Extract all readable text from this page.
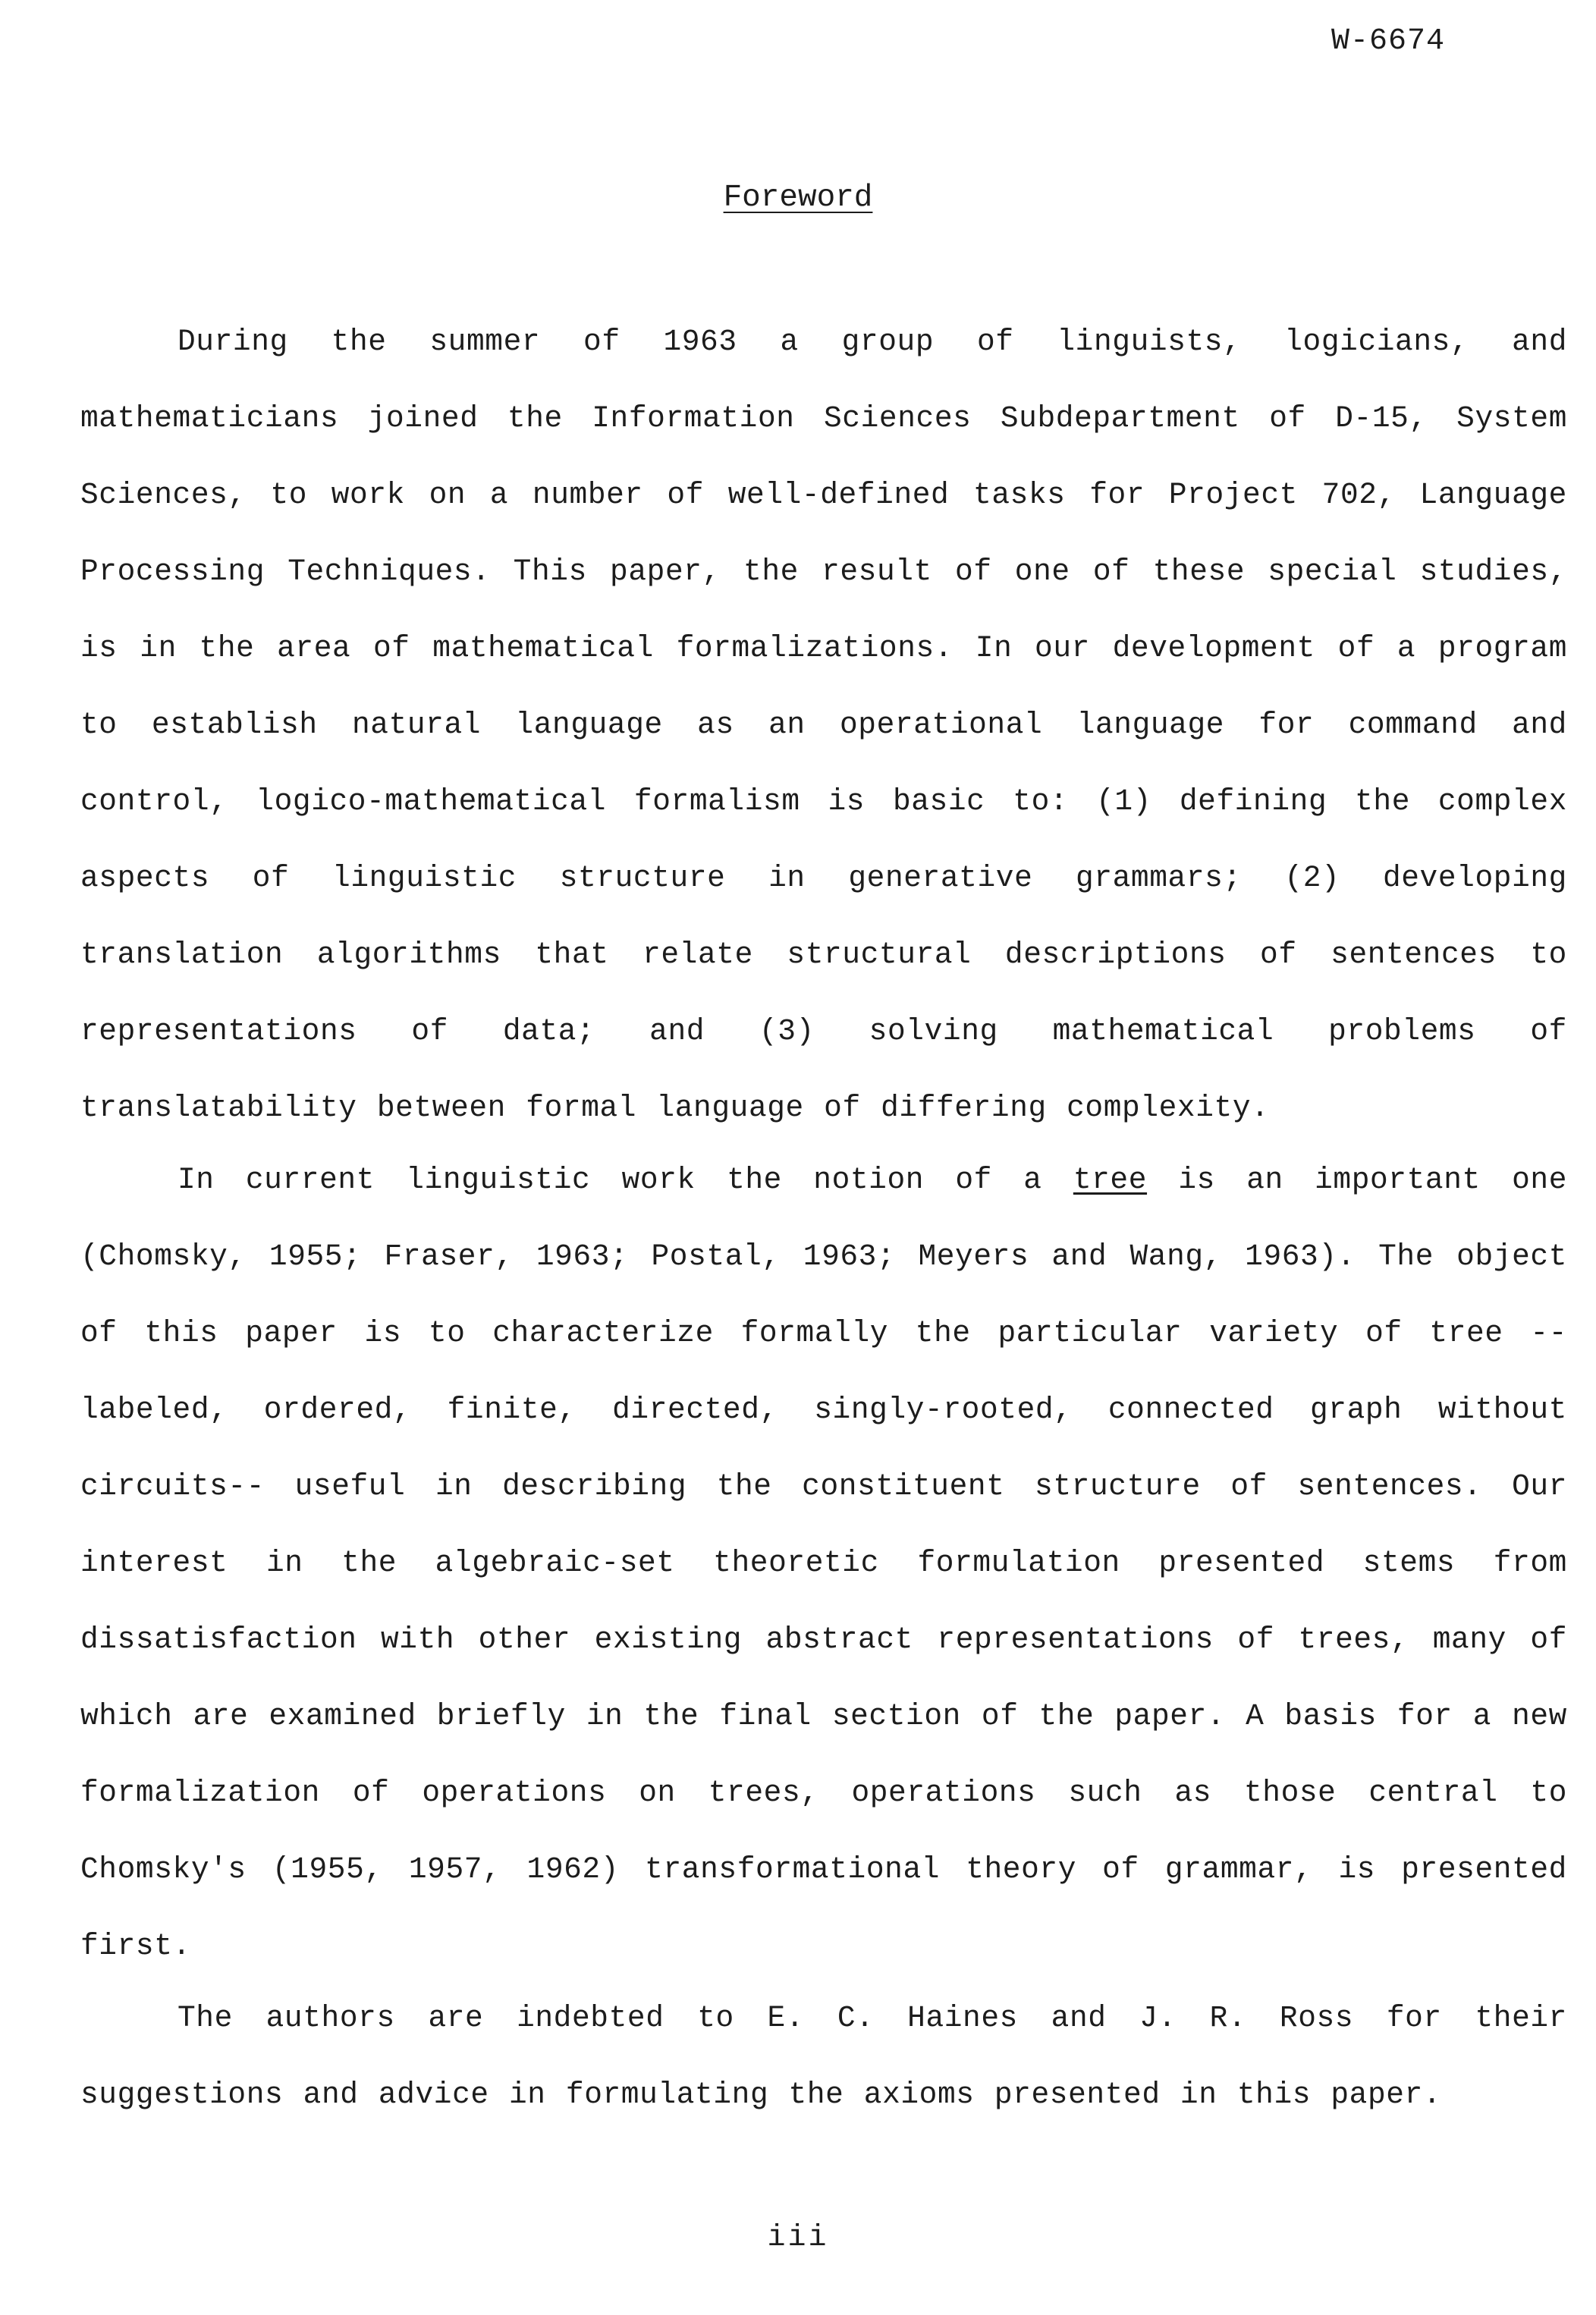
W-6674
Foreword

During the summer of 1963 a group of linguists, logicians, and mathematicians joined the Information Sciences Subdepartment of D-15, System Sciences, to work on a number of well-defined tasks for Project 702, Language Processing Techniques. This paper, the result of one of these special studies, is in the area of mathematical formalizations. In our development of a program to establish natural language as an operational language for command and control, logico-mathematical formalism is basic to: (1) defining the complex aspects of linguistic structure in generative grammars; (2) developing translation algorithms that relate structural descriptions of sentences to representations of data; and (3) solving mathematical problems of translatability between formal language of differing complexity.

In current linguistic work the notion of a tree is an important one (Chomsky, 1955; Fraser, 1963; Postal, 1963; Meyers and Wang, 1963). The object of this paper is to characterize formally the particular variety of tree --labeled, ordered, finite, directed, singly-rooted, connected graph without circuits-- useful in describing the constituent structure of sentences. Our interest in the algebraic-set theoretic formulation presented stems from dissatisfaction with other existing abstract representations of trees, many of which are examined briefly in the final section of the paper. A basis for a new formalization of operations on trees, operations such as those central to Chomsky's (1955, 1957, 1962) transformational theory of grammar, is presented first.

The authors are indebted to E. C. Haines and J. R. Ross for their suggestions and advice in formulating the axioms presented in this paper.

iii
